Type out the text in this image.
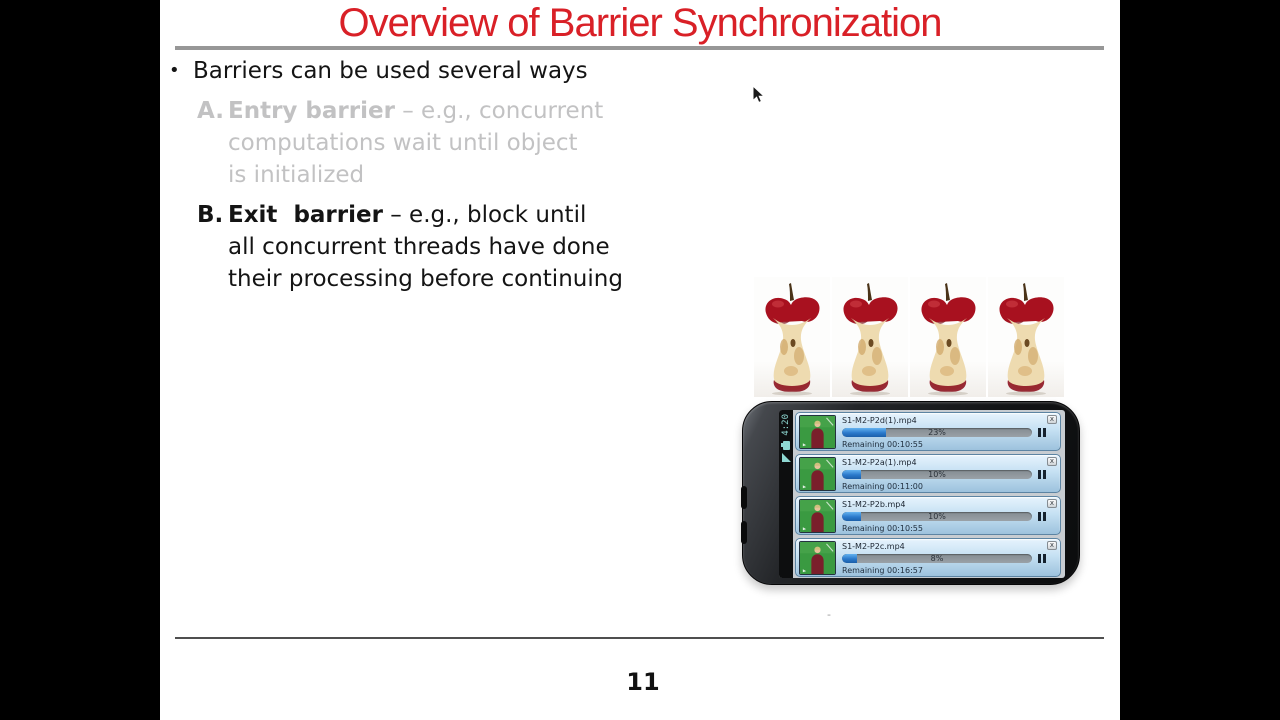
Overview of Barrier Synchronization
• Barriers can be used several ways
A. Entry barrier – e.g., concurrent
computations wait until object
is initialized
B. Exit  barrier – e.g., block until
all concurrent threads have done
their processing before continuing
4:20	S1-M2-P2d(1).mp4
23%
Remaining 00:10:55
x
S1-M2-P2a(1).mp4
10%
Remaining 00:11:00
x
S1-M2-P2b.mp4
10%
Remaining 00:10:55
x
S1-M2-P2c.mp4
8%
Remaining 00:16:57
x
-
11
